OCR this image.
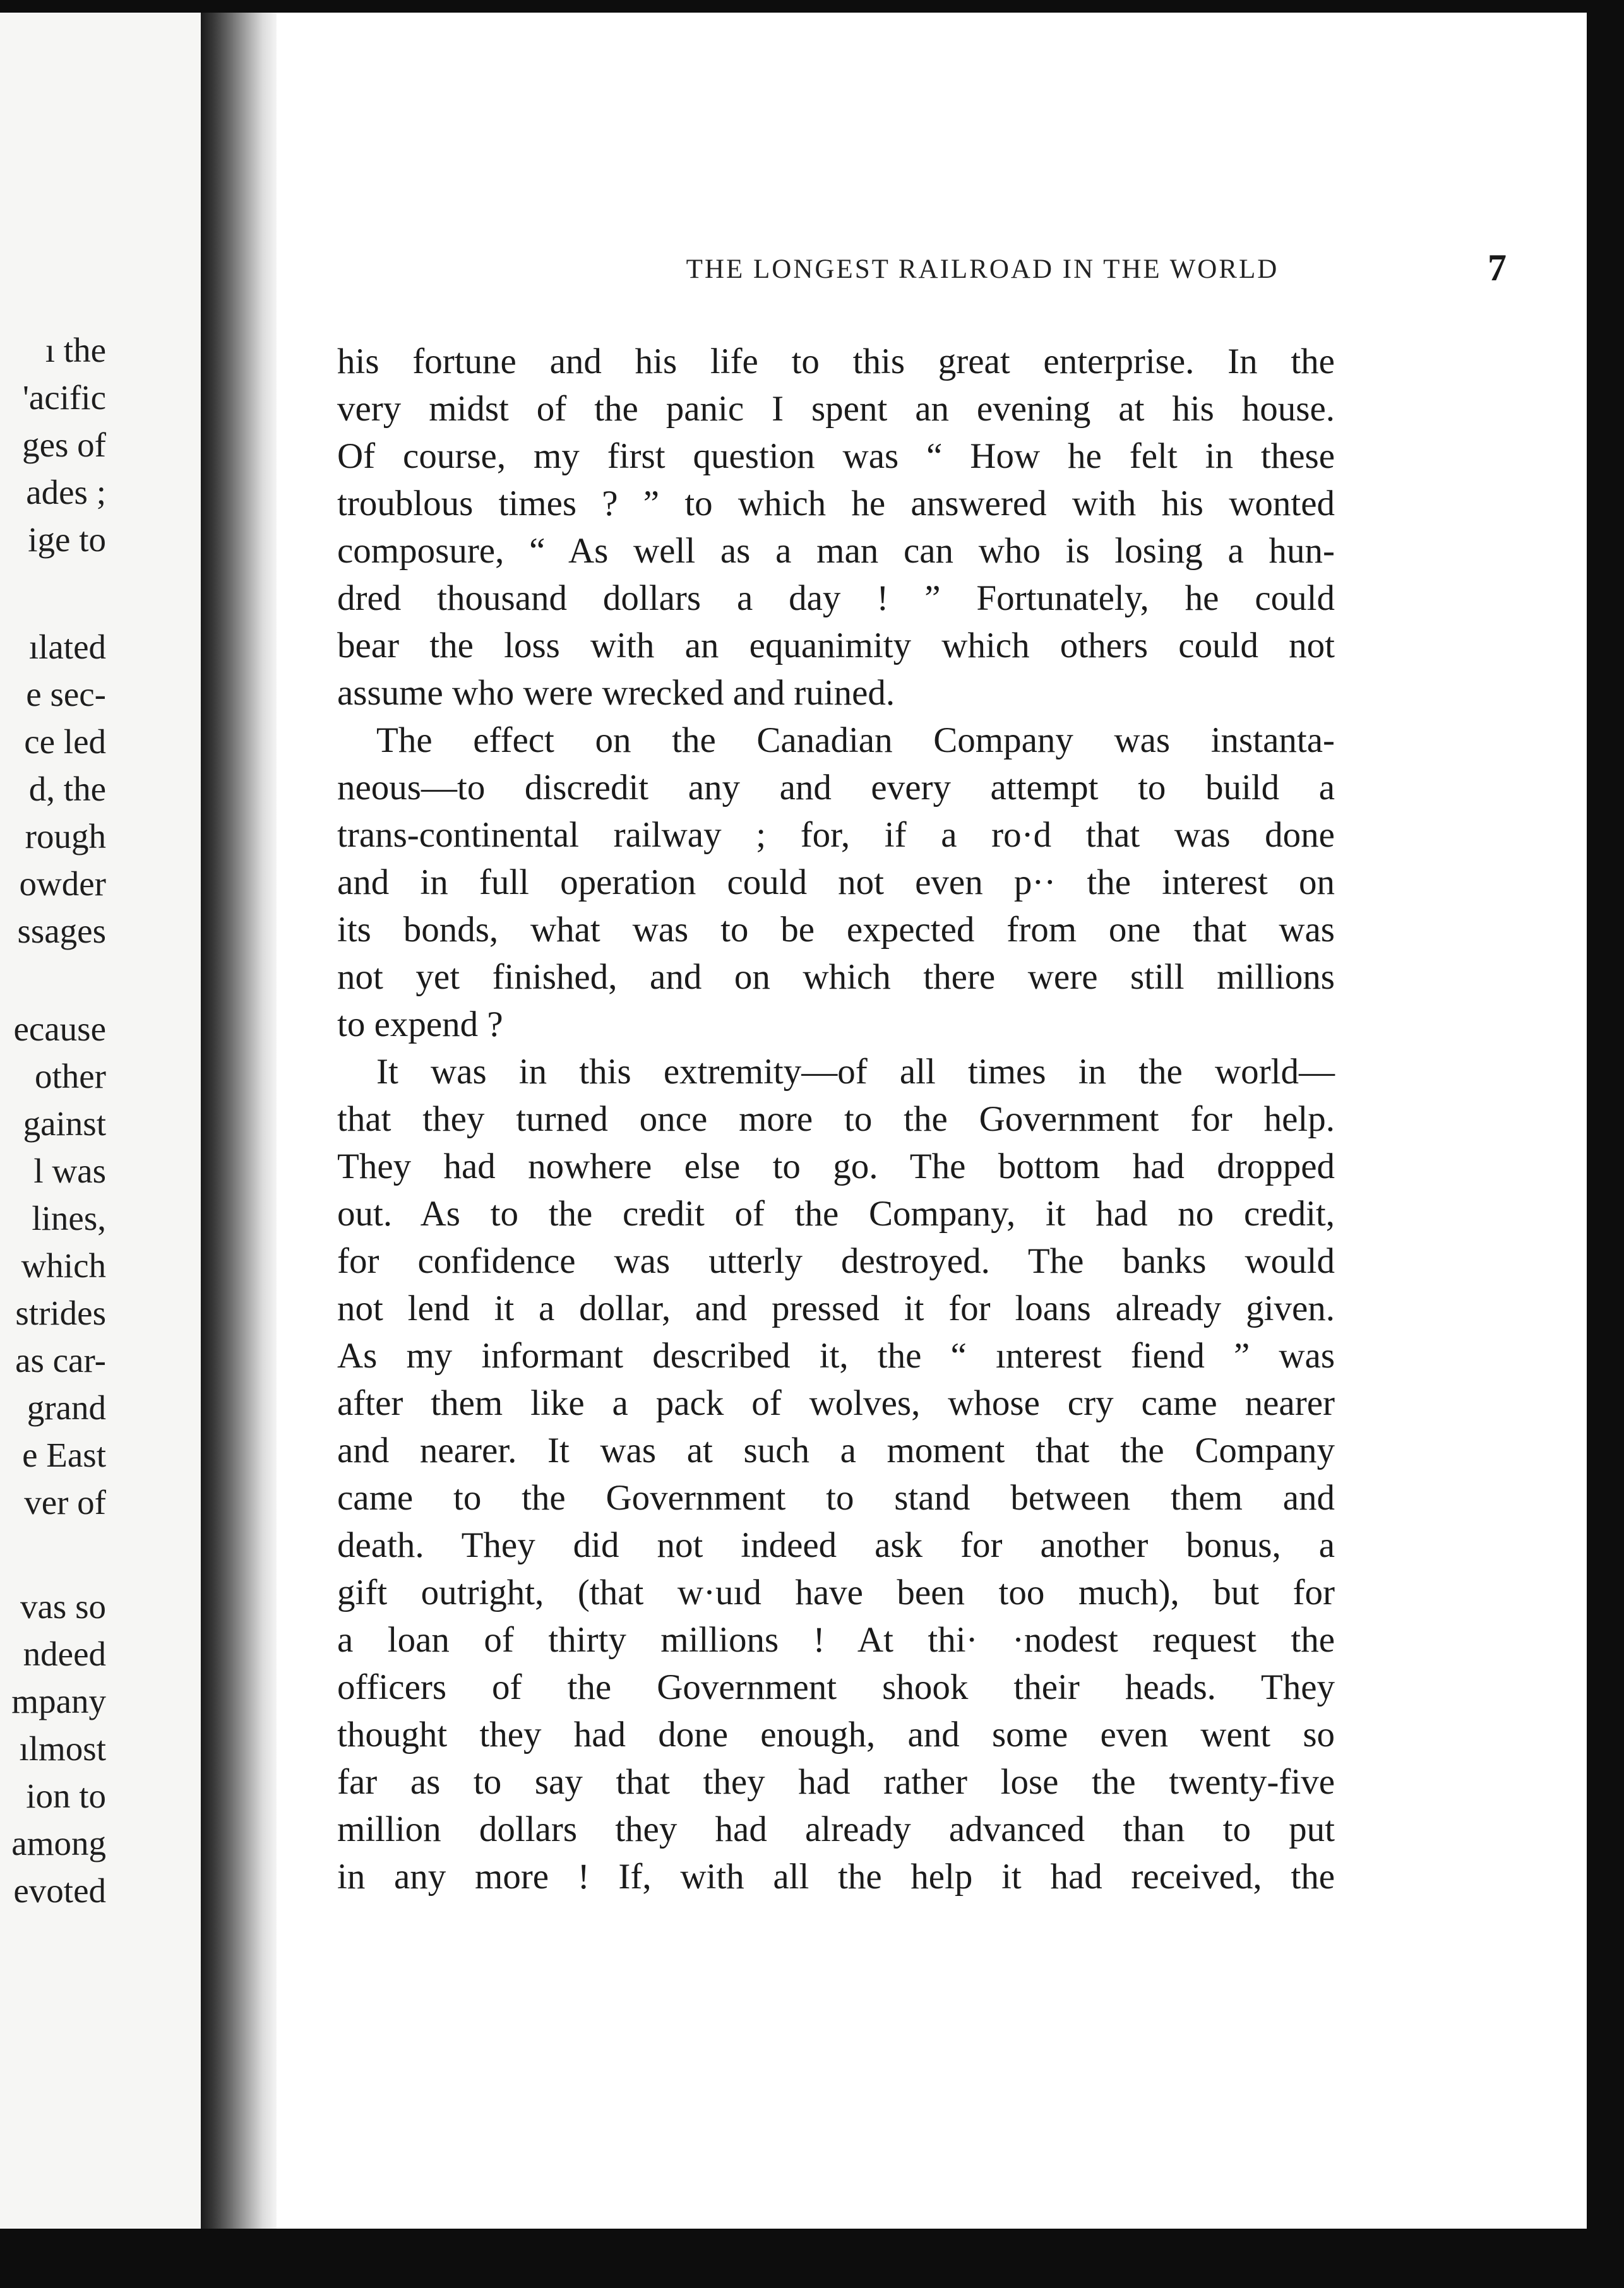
ı the
'acific
ges of
ades ;
ige to
ılated
e sec-
ce led
d, the
rough
owder
ssages
ecause
other
gainst
l was
lines,
which
strides
as car-
grand
e East
ver of
vas so
ndeed
mpany
ılmost
ion to
among
evoted
THE LONGEST RAILROAD IN THE WORLD	7
his fortune and his life to this great enterprise. In the
very midst of the panic I spent an evening at his house.
Of course, my first question was “ How he felt in these
troublous times ? ” to which he answered with his wonted
composure, “ As well as a man can who is losing a hun-
dred thousand dollars a day ! ” Fortunately, he could
bear the loss with an equanimity which others could not
assume who were wrecked and ruined.
The effect on the Canadian Company was instanta-
neous—to discredit any and every attempt to build a
trans-continental railway ; for, if a ro·d that was done
and in full operation could not even p·· the interest on
its bonds, what was to be expected from one that was
not yet finished, and on which there were still millions
to expend ?
It was in this extremity—of all times in the world—
that they turned once more to the Government for help.
They had nowhere else to go. The bottom had dropped
out. As to the credit of the Company, it had no credit,
for confidence was utterly destroyed. The banks would
not lend it a dollar, and pressed it for loans already given.
As my informant described it, the “ ınterest fiend ” was
after them like a pack of wolves, whose cry came nearer
and nearer. It was at such a moment that the Company
came to the Government to stand between them and
death. They did not indeed ask for another bonus, a
gift outright, (that w·uıd have been too much), but for
a loan of thirty millions ! At thi· ·nodest request the
officers of the Government shook their heads. They
thought they had done enough, and some even went so
far as to say that they had rather lose the twenty-five
million dollars they had already advanced than to put
in any more ! If, with all the help it had received, the
